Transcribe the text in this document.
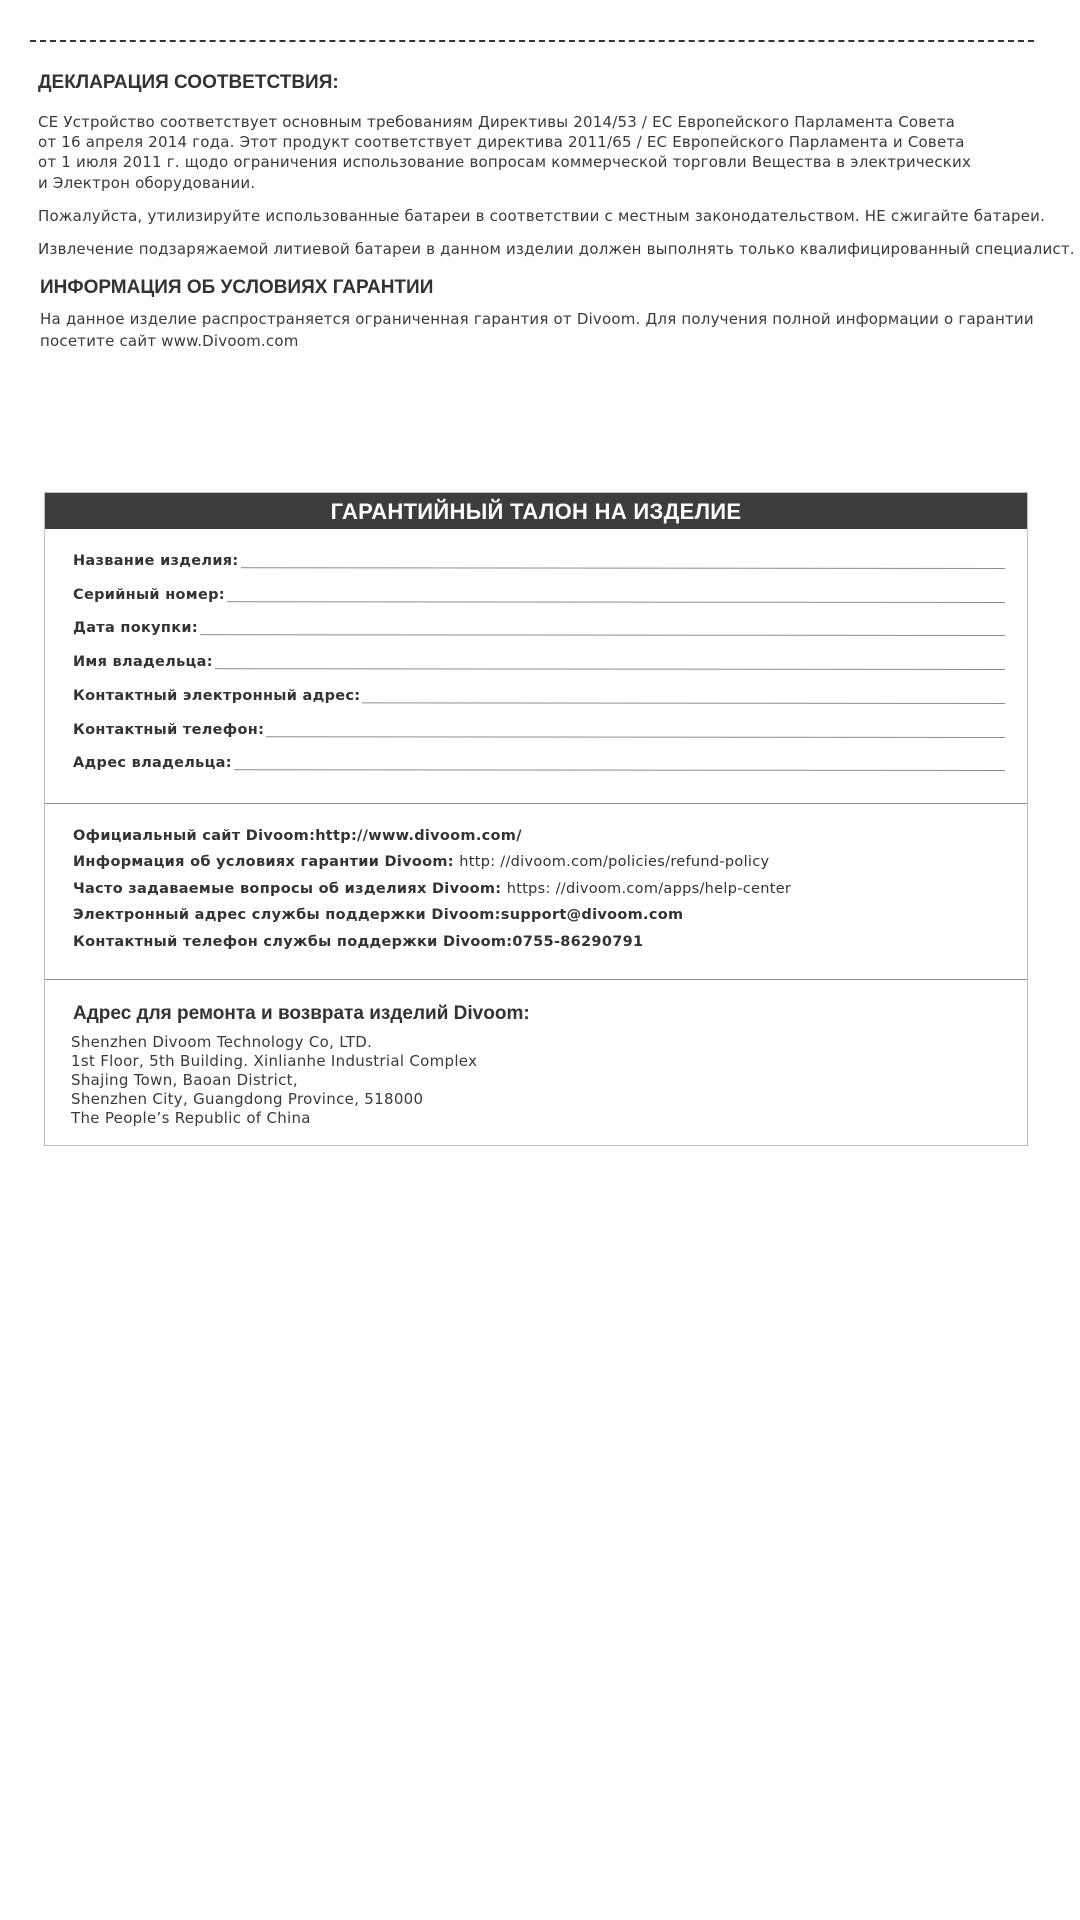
ДЕКЛАРАЦИЯ СООТВЕТСТВИЯ:

CE Устройство соответствует основным требованиям Директивы 2014/53 / EC Европейского Парламента Совета
от 16 апреля 2014 года. Этот продукт соответствует директива 2011/65 / EC Европейского Парламента и Совета
от 1 июля 2011 г. щодо ограничения использование вопросам коммерческой торговли Вещества в электрических
и Электрон оборудовании.

Пожалуйста, утилизируйте использованные батареи в соответствии с местным законодательством. НЕ сжигайте батареи.

Извлечение подзаряжаемой литиевой батареи в данном изделии должен выполнять только квалифицированный специалист.

ИНФОРМАЦИЯ ОБ УСЛОВИЯХ ГАРАНТИИ

На данное изделие распространяется ограниченная гарантия от Divoom. Для получения полной информации о гарантии
посетите сайт www.Divoom.com

ГАРАНТИЙНЫЙ ТАЛОН НА ИЗДЕЛИЕ
Название изделия:
Серийный номер:
Дата покупки:
Имя владельца:
Контактный электронный адрес:
Контактный телефон:
Адрес владельца:
Официальный сайт Divoom:http://www.divoom.com/
Информация об условиях гарантии Divoom: http: //divoom.com/policies/refund-policy
Часто задаваемые вопросы об изделиях Divoom: https: //divoom.com/apps/help-center
Электронный адрес службы поддержки Divoom:support@divoom.com
Контактный телефон службы поддержки Divoom:0755-86290791
Адрес для ремонта и возврата изделий Divoom:
Shenzhen Divoom Technology Co, LTD.
1st Floor, 5th Building. Xinlianhe Industrial Complex
Shajing Town, Baoan District,
Shenzhen City, Guangdong Province, 518000
The People’s Republic of China
